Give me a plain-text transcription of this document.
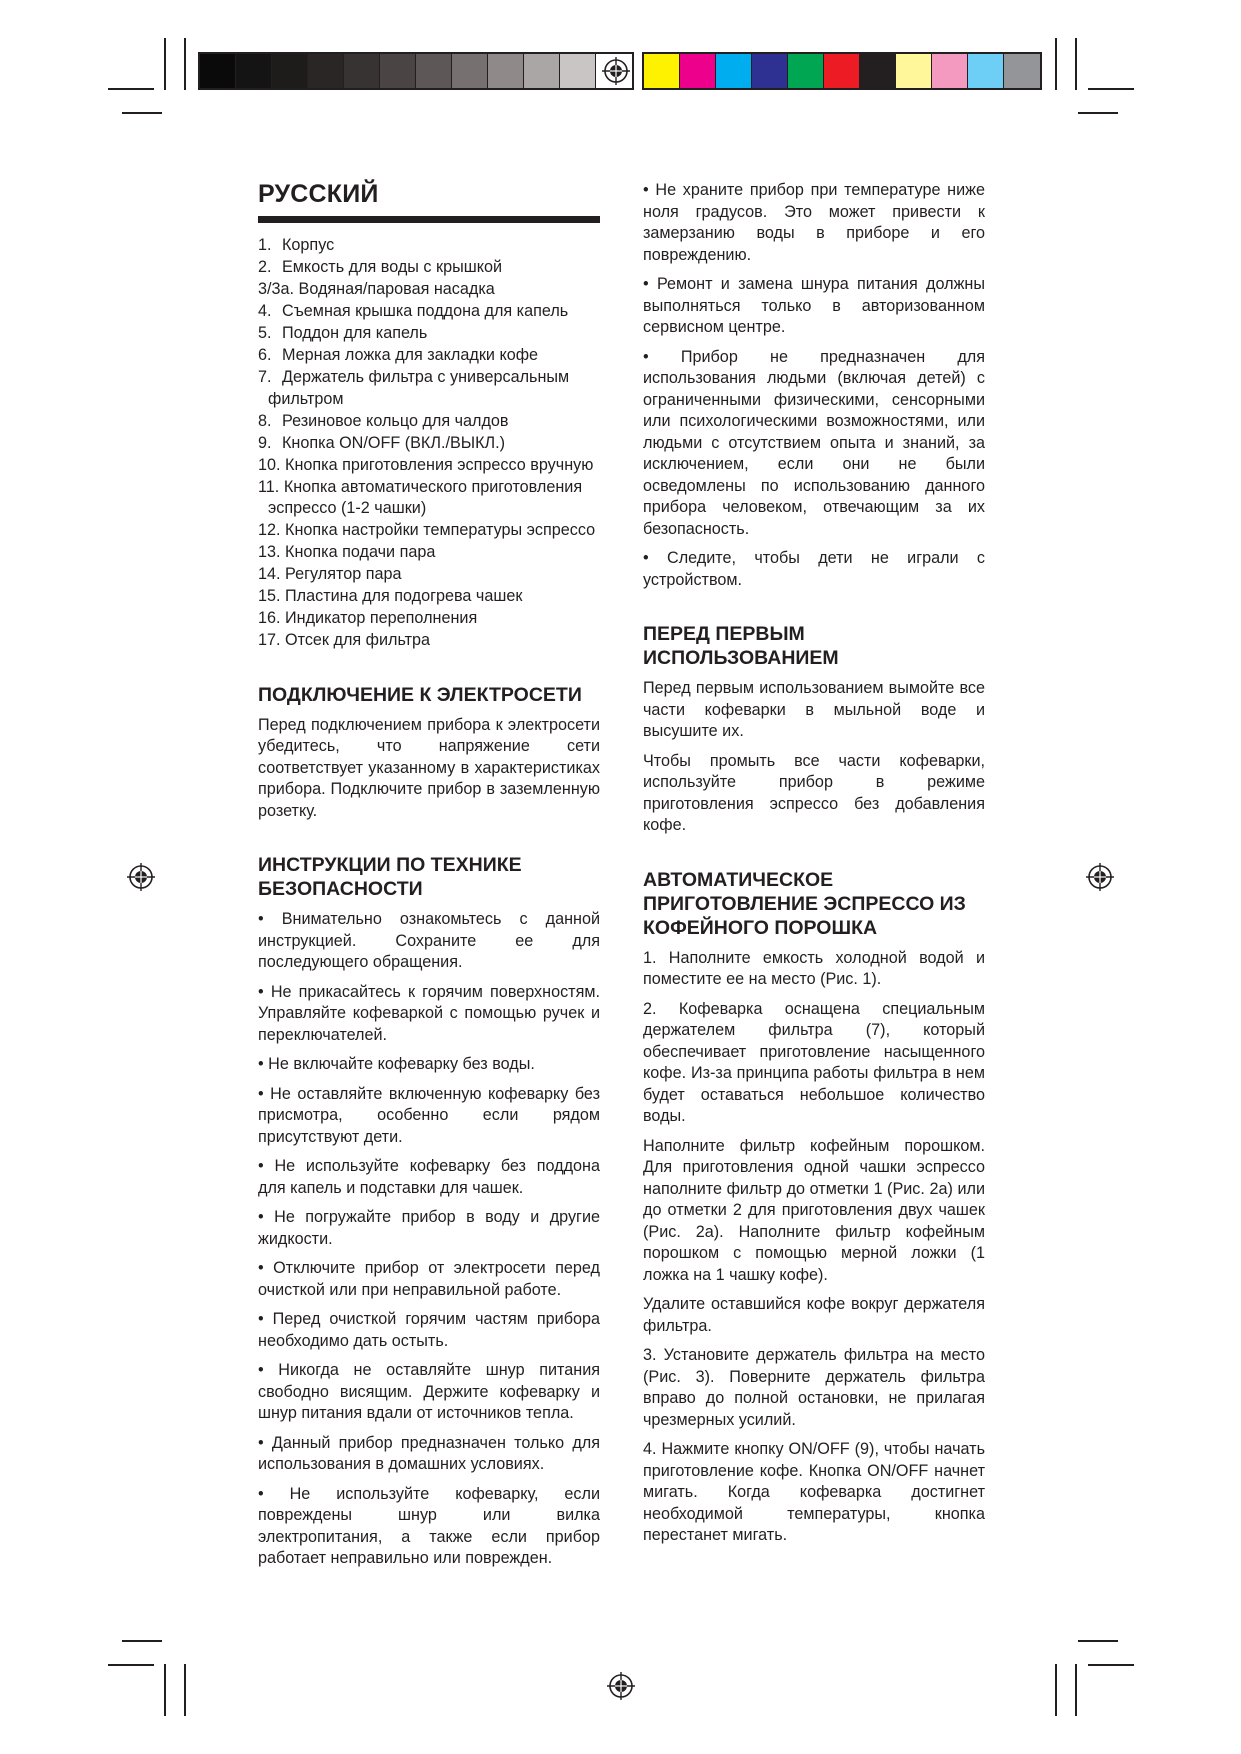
РУССКИЙ
1. Корпус
2. Емкость для воды с крышкой
3/3a. Водяная/паровая насадка
4. Съемная крышка поддона для капель
5. Поддон для капель
6. Мерная ложка для закладки кофе
7. Держатель фильтра с универсальным
фильтром
8. Резиновое кольцо для чалдов
9. Кнопка ON/OFF (ВКЛ./ВЫКЛ.)
10. Кнопка приготовления эспрессо вручную
11. Кнопка автоматического приготовления
эспрессо (1-2 чашки)
12. Кнопка настройки температуры эспрессо
13. Кнопка подачи пара
14. Регулятор пара
15. Пластина для подогрева чашек
16. Индикатор переполнения
17. Отсек для фильтра
ПОДКЛЮЧЕНИЕ К ЭЛЕКТРОСЕТИ

Перед подключением прибора к электросети убедитесь, что напряжение сети соответствует указанному в характеристиках прибора. Подключите прибор в заземленную розетку.

ИНСТРУКЦИИ ПО ТЕХНИКЕ БЕЗОПАСНОСТИ

• Внимательно ознакомьтесь с данной инструкцией. Сохраните ее для последующего обращения.

• Не прикасайтесь к горячим поверхностям. Управляйте кофеваркой с помощью ручек и переключателей.

• Не включайте кофеварку без воды.

• Не оставляйте включенную кофеварку без присмотра, особенно если рядом присутствуют дети.

• Не используйте кофеварку без поддона для капель и подставки для чашек.

• Не погружайте прибор в воду и другие жидкости.

• Отключите прибор от электросети перед очисткой или при неправильной работе.

• Перед очисткой горячим частям прибора необходимо дать остыть.

• Никогда не оставляйте шнур питания свободно висящим. Держите кофеварку и шнур питания вдали от источников тепла.

• Данный прибор предназначен только для использования в домашних условиях.

• Не используйте кофеварку, если повреждены шнур или вилка электропитания, а также если прибор работает неправильно или поврежден.

• Не храните прибор при температуре ниже ноля градусов. Это может привести к замерзанию воды в приборе и его повреждению.

• Ремонт и замена шнура питания должны выполняться только в авторизованном сервисном центре.

• Прибор не предназначен для использования людьми (включая детей) с ограниченными физическими, сенсорными или психологическими возможностями, или людьми с отсутствием опыта и знаний, за исключением, если они не были осведомлены по использованию данного прибора человеком, отвечающим за их безопасность.

• Следите, чтобы дети не играли с устройством.

ПЕРЕД ПЕРВЫМ ИСПОЛЬЗОВАНИЕМ

Перед первым использованием вымойте все части кофеварки в мыльной воде и высушите их.

Чтобы промыть все части кофеварки, используйте прибор в режиме приготовления эспрессо без добавления кофе.

АВТОМАТИЧЕСКОЕ ПРИГОТОВЛЕНИЕ ЭСПРЕССО ИЗ КОФЕЙНОГО ПОРОШКА

1. Наполните емкость холодной водой и поместите ее на место (Рис. 1).

2. Кофеварка оснащена специальным держателем фильтра (7), который обеспечивает приготовление насыщенного кофе. Из-за принципа работы фильтра в нем будет оставаться небольшое количество воды.

Наполните фильтр кофейным порошком. Для приготовления одной чашки эспрессо наполните фильтр до отметки 1 (Рис. 2a) или до отметки 2 для приготовления двух чашек (Рис. 2a). Наполните фильтр кофейным порошком с помощью мерной ложки (1 ложка на 1 чашку кофе).

Удалите оставшийся кофе вокруг держателя фильтра.

3. Установите держатель фильтра на место (Рис. 3). Поверните держатель фильтра вправо до полной остановки, не прилагая чрезмерных усилий.

4. Нажмите кнопку ON/OFF (9), чтобы начать приготовление кофе. Кнопка ON/OFF начнет мигать. Когда кофеварка достигнет необходимой температуры, кнопка перестанет мигать.
